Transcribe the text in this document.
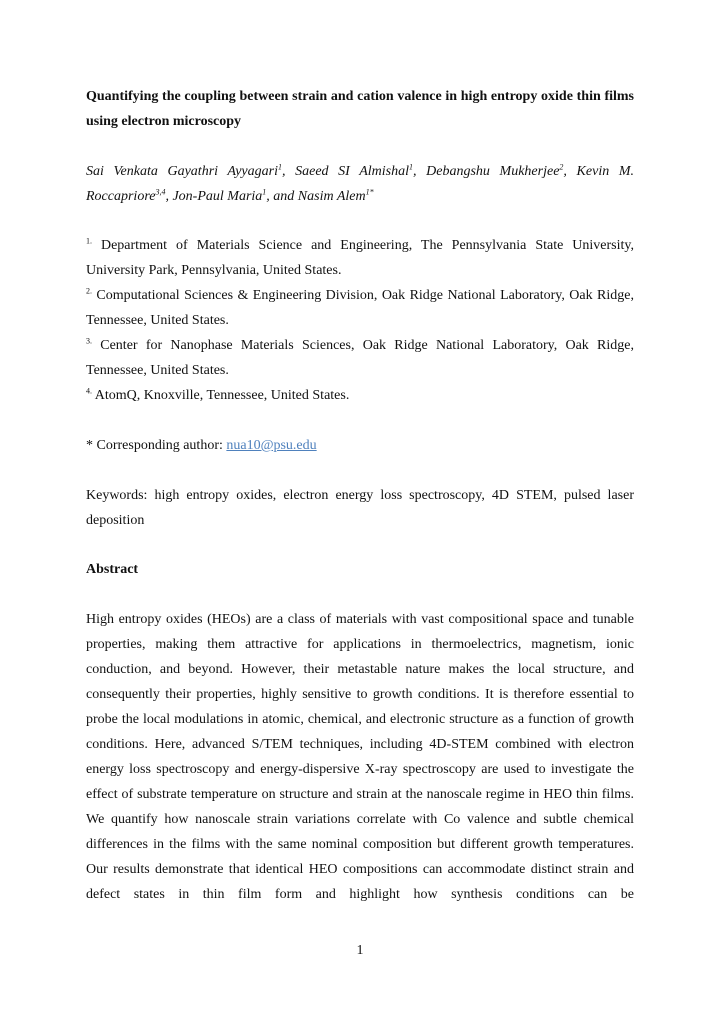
Quantifying the coupling between strain and cation valence in high entropy oxide thin films using electron microscopy
Sai Venkata Gayathri Ayyagari$^1$, Saeed SI Almishal$^1$, Debangshu Mukherjee$^2$, Kevin M. Roccapriore$^{3,4}$, Jon-Paul Maria$^1$, and Nasim Alem$^{1*}$
$^{1.}$ Department of Materials Science and Engineering, The Pennsylvania State University, University Park, Pennsylvania, United States.
$^{2.}$ Computational Sciences & Engineering Division, Oak Ridge National Laboratory, Oak Ridge, Tennessee, United States.
$^{3.}$ Center for Nanophase Materials Sciences, Oak Ridge National Laboratory, Oak Ridge, Tennessee, United States.
$^{4.}$ AtomQ, Knoxville, Tennessee, United States.
* Corresponding author: nua10@psu.edu
Keywords: high entropy oxides, electron energy loss spectroscopy, 4D STEM, pulsed laser deposition
Abstract
High entropy oxides (HEOs) are a class of materials with vast compositional space and tunable properties, making them attractive for applications in thermoelectrics, magnetism, ionic conduction, and beyond. However, their metastable nature makes the local structure, and consequently their properties, highly sensitive to growth conditions. It is therefore essential to probe the local modulations in atomic, chemical, and electronic structure as a function of growth conditions. Here, advanced S/TEM techniques, including 4D-STEM combined with electron energy loss spectroscopy and energy-dispersive X-ray spectroscopy are used to investigate the effect of substrate temperature on structure and strain at the nanoscale regime in HEO thin films. We quantify how nanoscale strain variations correlate with Co valence and subtle chemical differences in the films with the same nominal composition but different growth temperatures. Our results demonstrate that identical HEO compositions can accommodate distinct strain and defect states in thin film form and highlight how synthesis conditions can be
1
